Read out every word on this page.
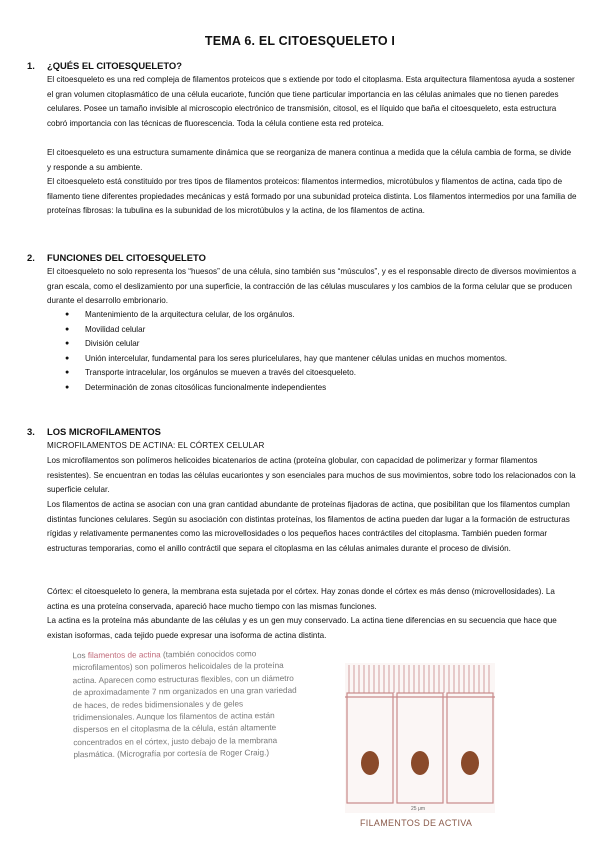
TEMA 6. EL CITOESQUELETO I
1. ¿QUÉS EL CITOESQUELETO?

El citoesqueleto es una red compleja de filamentos proteicos que s extiende por todo el citoplasma. Esta arquitectura filamentosa ayuda a sostener el gran volumen citoplasmático de una célula eucariote, función que tiene particular importancia en las células animales que no tienen paredes celulares. Posee un tamaño invisible al microscopio electrónico de transmisión, citosol, es el líquido que baña el citoesqueleto, esta estructura cobró importancia con las técnicas de fluorescencia. Toda la célula contiene esta red proteica.

El citoesqueleto es una estructura sumamente dinámica que se reorganiza de manera continua a medida que la célula cambia de forma, se divide y responde a su ambiente.

El citoesqueleto está constituido por tres tipos de filamentos proteicos: filamentos intermedios, microtúbulos y filamentos de actina, cada tipo de filamento tiene diferentes propiedades mecánicas y está formado por una subunidad proteica distinta. Los filamentos intermedios por una familia de proteínas fibrosas: la tubulina es la subunidad de los microtúbulos y la actina, de los filamentos de actina.

2. FUNCIONES DEL CITOESQUELETO

El citoesqueleto no solo representa los “huesos” de una célula, sino también sus “músculos”, y es el responsable directo de diversos movimientos a gran escala, como el deslizamiento por una superficie, la contracción de las células musculares y los cambios de la forma celular que se producen durante el desarrollo embrionario.

● Mantenimiento de la arquitectura celular, de los orgánulos.
● Movilidad celular
● División celular
● Unión intercelular, fundamental para los seres pluricelulares, hay que mantener células unidas en muchos momentos.
● Transporte intracelular, los orgánulos se mueven a través del citoesqueleto.
● Determinación de zonas citosólicas funcionalmente independientes
3. LOS MICROFILAMENTOS
MICROFILAMENTOS DE ACTINA: EL CÓRTEX CELULAR

Los microfilamentos son polímeros helicoides bicatenarios de actina (proteína globular, con capacidad de polimerizar y formar filamentos resistentes). Se encuentran en todas las células eucariontes y son esenciales para muchos de sus movimientos, sobre todo los relacionados con la superficie celular.

Los filamentos de actina se asocian con una gran cantidad abundante de proteínas fijadoras de actina, que posibilitan que los filamentos cumplan distintas funciones celulares. Según su asociación con distintas proteínas, los filamentos de actina pueden dar lugar a la formación de estructuras rígidas y relativamente permanentes como las microvellosidades o los pequeños haces contráctiles del citoplasma. También pueden formar estructuras temporarias, como el anillo contráctil que separa el citoplasma en las células animales durante el proceso de división.

Córtex: el citoesqueleto lo genera, la membrana esta sujetada por el córtex. Hay zonas donde el córtex es más denso (microvellosidades). La actina es una proteína conservada, apareció hace mucho tiempo con las mismas funciones.

La actina es la proteína más abundante de las células y es un gen muy conservado. La actina tiene diferencias en su secuencia que hace que existan isoformas, cada tejido puede expresar una isoforma de actina distinta.

Los filamentos de actina (también conocidos como microfilamentos) son polímeros helicoidales de la proteína actina. Aparecen como estructuras flexibles, con un diámetro de aproximadamente 7 nm organizados en una gran variedad de haces, de redes bidimensionales y de geles tridimensionales. Aunque los filamentos de actina están dispersos en el citoplasma de la célula, están altamente concentrados en el córtex, justo debajo de la membrana plasmática. (Micrografía por cortesía de Roger Craig.)
25 μm
FILAMENTOS DE ACTIVA
